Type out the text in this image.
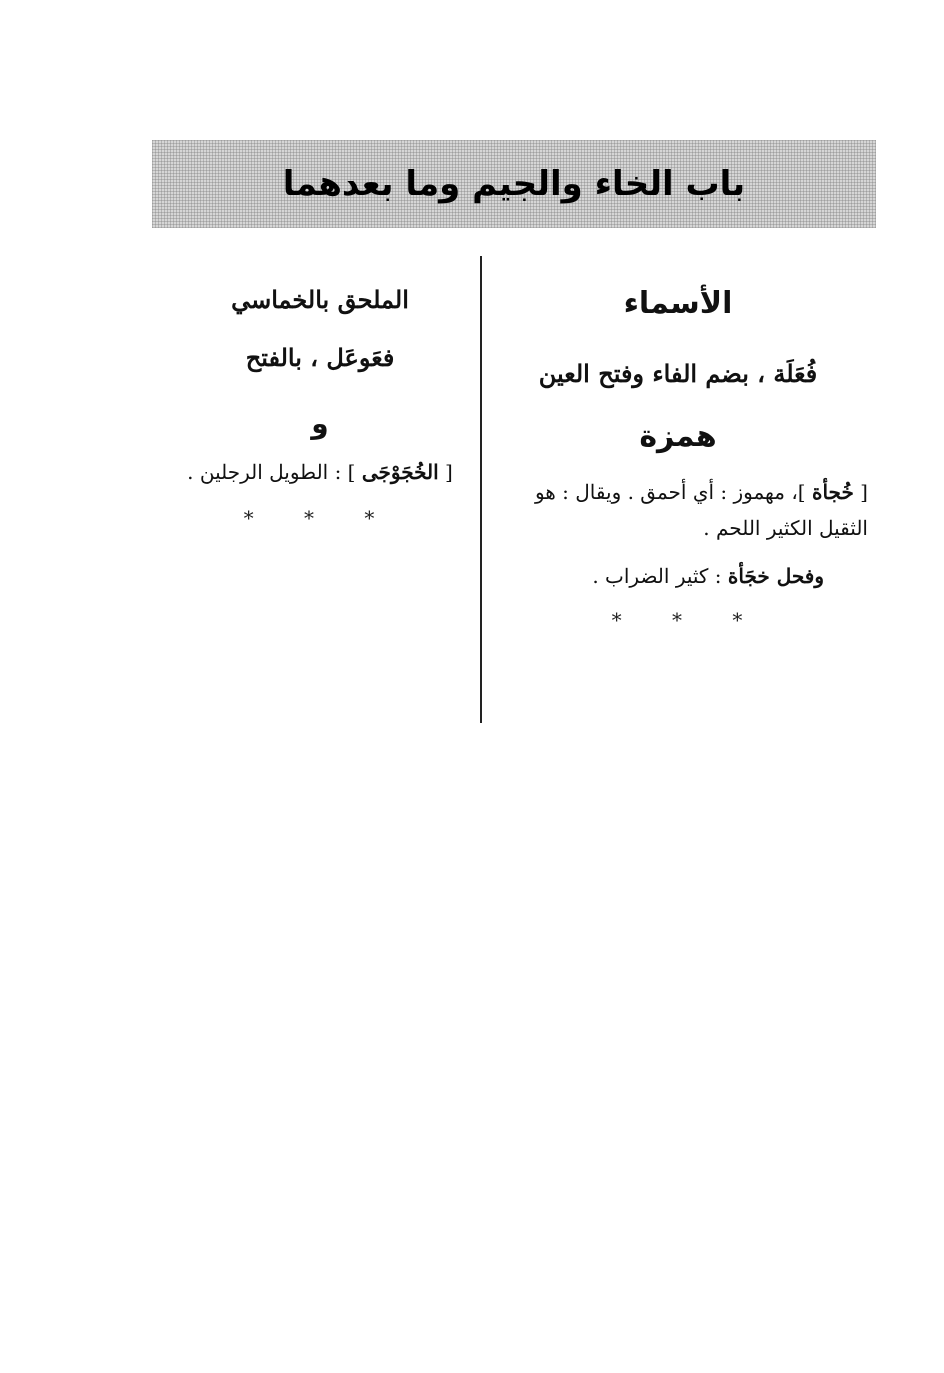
باب الخاء والجيم وما بعدهما
الأسماء
فُعَلَة ، بضم الفاء وفتح العين
همزة
[ خُجأة ]، مهموز : أي أحمق . ويقال : هو الثقيل الكثير اللحم .
وفحل خجَأة : كثير الضراب .
* * *
الملحق بالخماسي
فعَوعَل ، بالفتح
و
[ الخُجَوْجَى ] : الطويل الرجلين .
* * *
